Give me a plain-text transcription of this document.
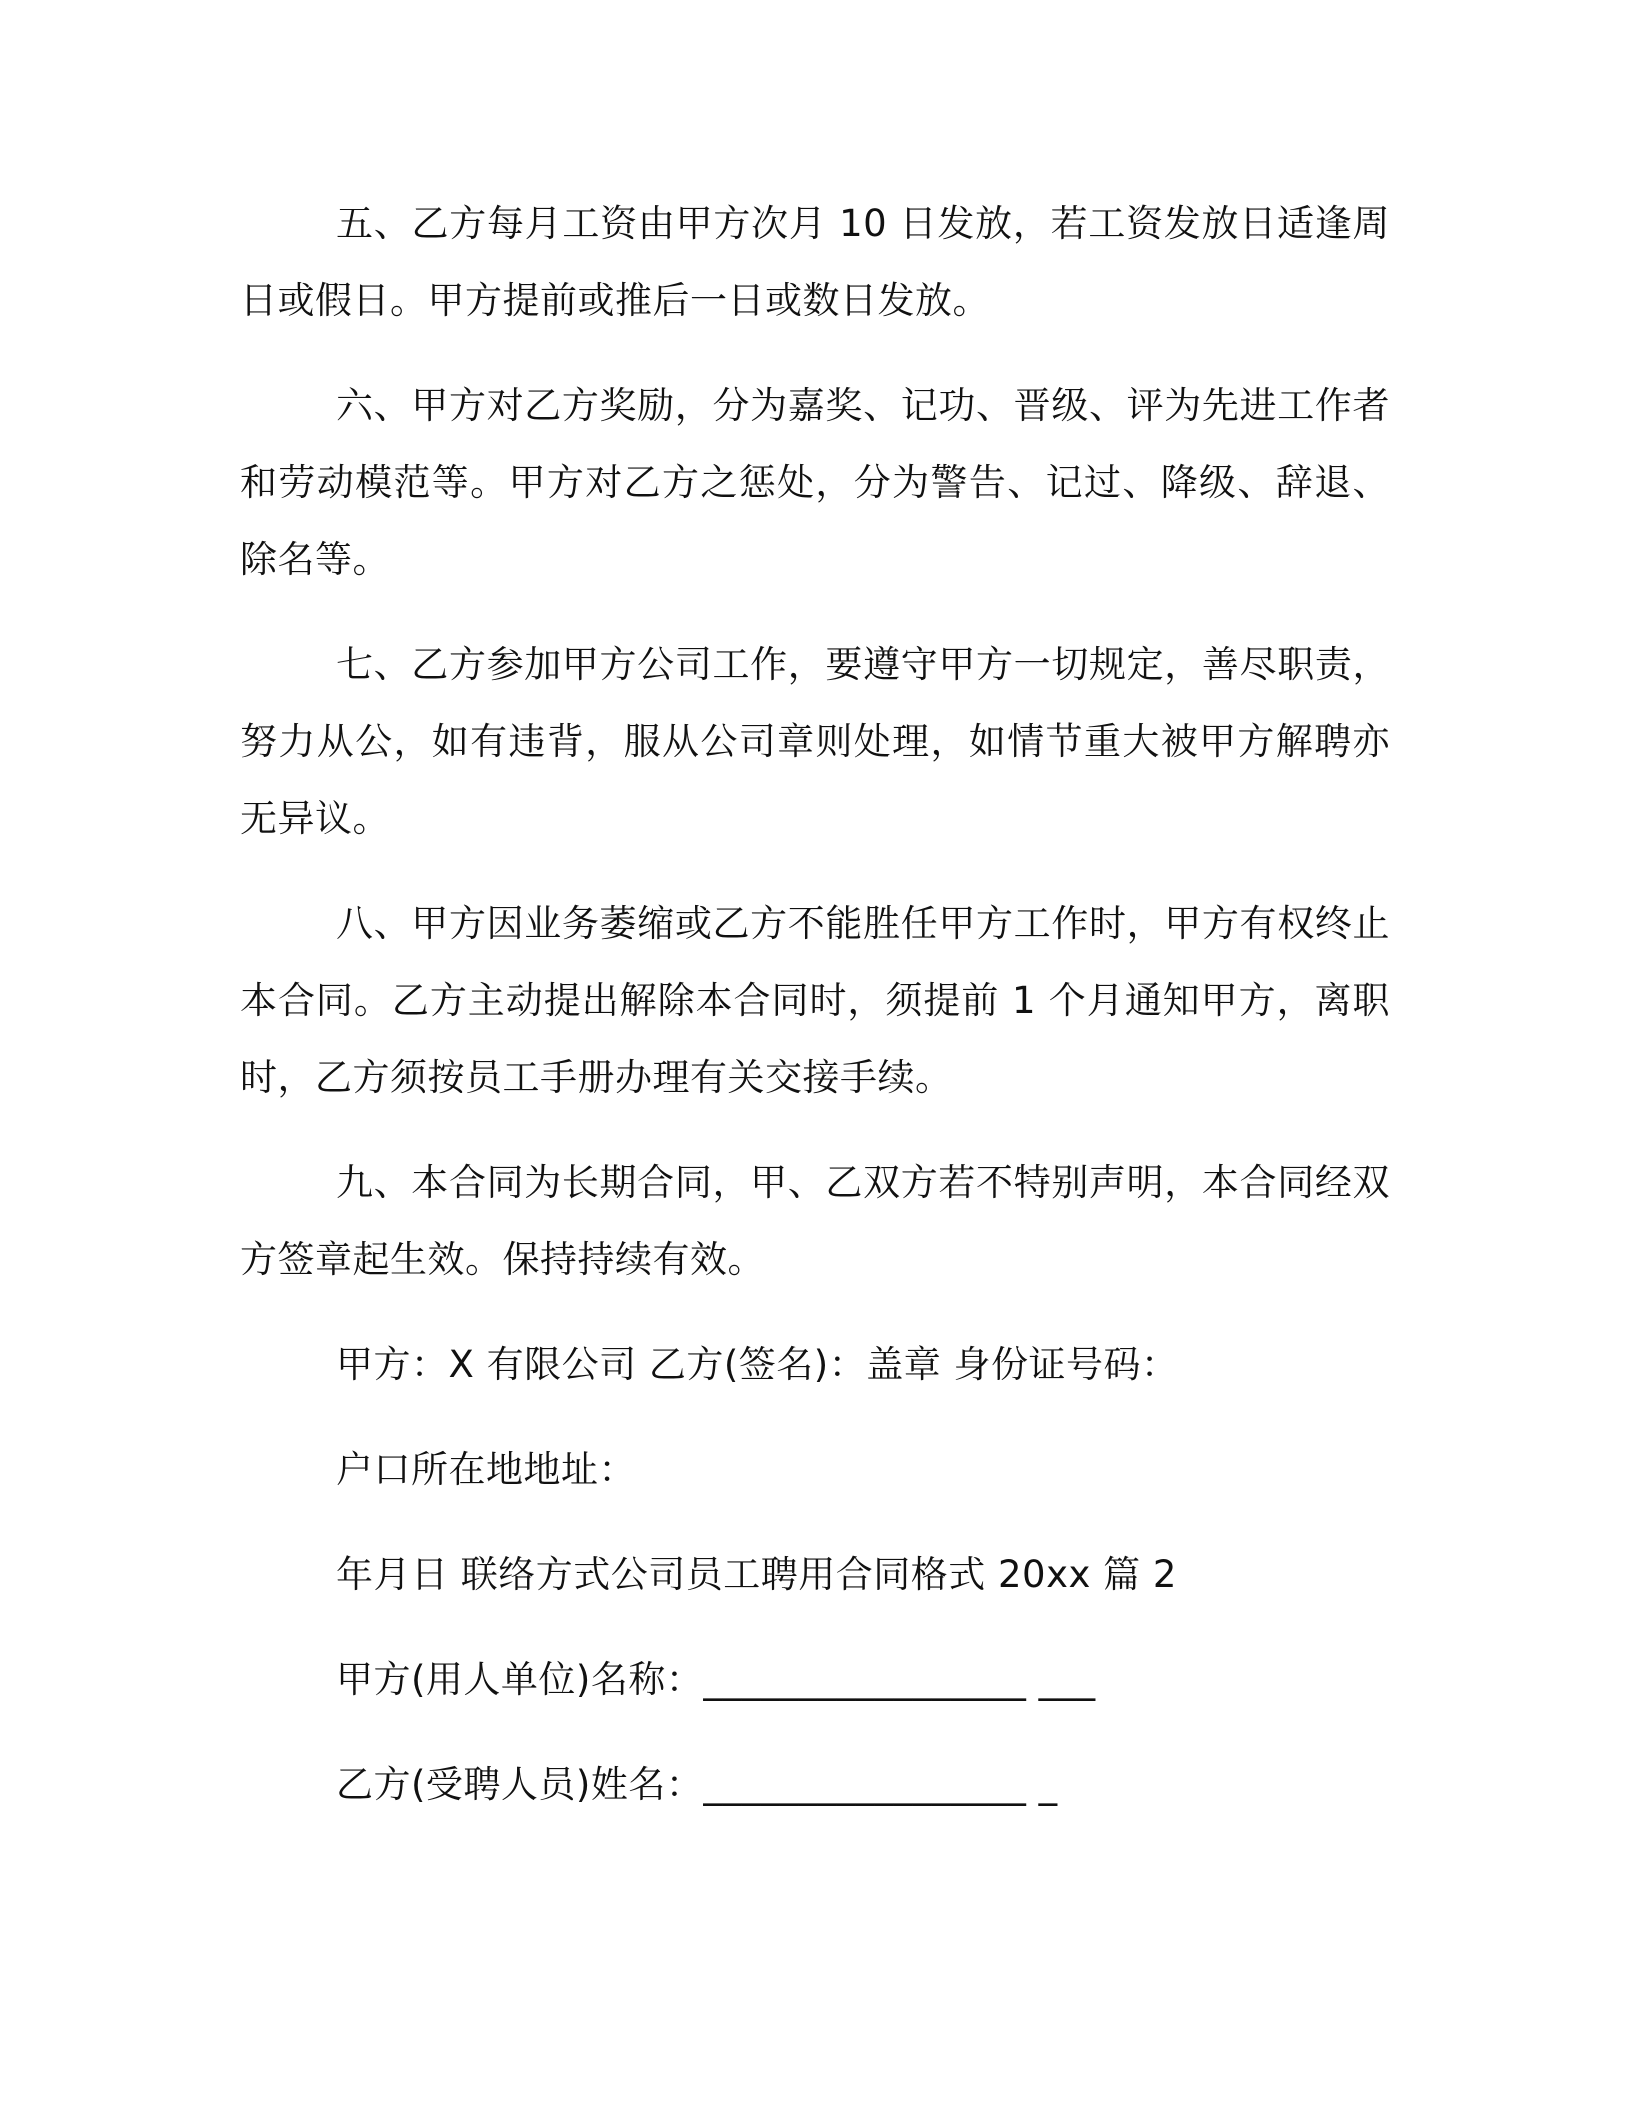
五、乙方每月工资由甲方次月 10 日发放，若工资发放日适逢周日或假日。甲方提前或推后一日或数日发放。

六、甲方对乙方奖励，分为嘉奖、记功、晋级、评为先进工作者和劳动模范等。甲方对乙方之惩处，分为警告、记过、降级、辞退、除名等。

七、乙方参加甲方公司工作，要遵守甲方一切规定，善尽职责，努力从公，如有违背，服从公司章则处理，如情节重大被甲方解聘亦无异议。

八、甲方因业务萎缩或乙方不能胜任甲方工作时，甲方有权终止本合同。乙方主动提出解除本合同时，须提前 1 个月通知甲方，离职时，乙方须按员工手册办理有关交接手续。

九、本合同为长期合同，甲、乙双方若不特别声明，本合同经双方签章起生效。保持持续有效。

甲方：X 有限公司 乙方(签名)：盖章 身份证号码：
户口所在地地址：
年月日 联络方式公司员工聘用合同格式 20xx 篇 2
甲方(用人单位)名称：_________________ ___
乙方(受聘人员)姓名：_________________ _
